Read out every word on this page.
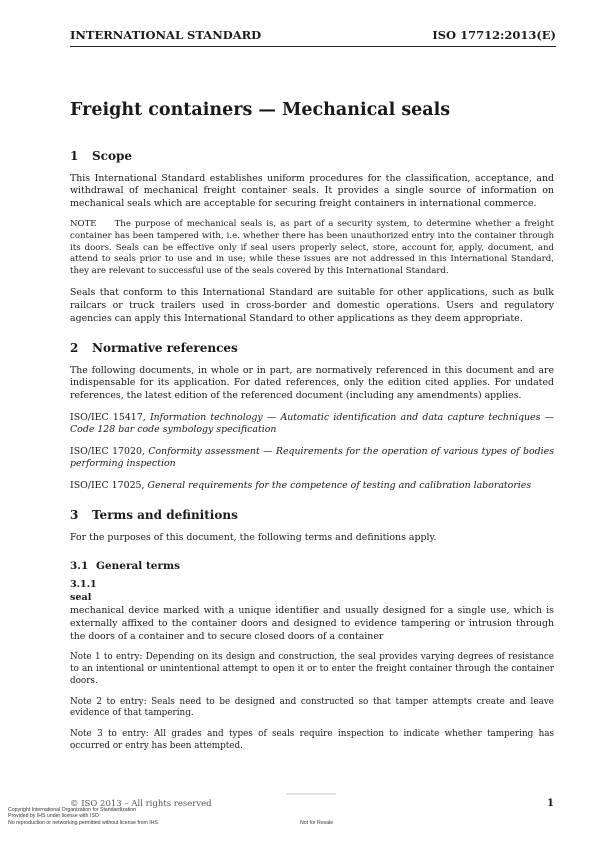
INTERNATIONAL STANDARD	ISO 17712:2013(E)
Freight containers — Mechanical seals
1	Scope

This International Standard establishes uniform procedures for the classification, acceptance, and withdrawal of mechanical freight container seals. It provides a single source of information on mechanical seals which are acceptable for securing freight containers in international commerce.

NOTE The purpose of mechanical seals is, as part of a security system, to determine whether a freight container has been tampered with, i.e. whether there has been unauthorized entry into the container through its doors. Seals can be effective only if seal users properly select, store, account for, apply, document, and attend to seals prior to use and in use; while these issues are not addressed in this International Standard, they are relevant to successful use of the seals covered by this International Standard.

Seals that conform to this International Standard are suitable for other applications, such as bulk railcars or truck trailers used in cross-border and domestic operations. Users and regulatory agencies can apply this International Standard to other applications as they deem appropriate.

2	Normative references

The following documents, in whole or in part, are normatively referenced in this document and are indispensable for its application. For dated references, only the edition cited applies. For undated references, the latest edition of the referenced document (including any amendments) applies.

ISO/IEC 15417, Information technology — Automatic identification and data capture techniques — Code 128 bar code symbology specification

ISO/IEC 17020, Conformity assessment — Requirements for the operation of various types of bodies performing inspection

ISO/IEC 17025, General requirements for the competence of testing and calibration laboratories

3	Terms and definitions

For the purposes of this document, the following terms and definitions apply.

3.1 General terms
3.1.1
seal

mechanical device marked with a unique identifier and usually designed for a single use, which is externally affixed to the container doors and designed to evidence tampering or intrusion through the doors of a container and to secure closed doors of a container

Note 1 to entry: Depending on its design and construction, the seal provides varying degrees of resistance to an intentional or unintentional attempt to open it or to enter the freight container through the container doors.

Note 2 to entry: Seals need to be designed and constructed so that tamper attempts create and leave evidence of that tampering.

Note 3 to entry: All grades and types of seals require inspection to indicate whether tampering has occurred or entry has been attempted.

© ISO 2013 – All rights reserved	1
Copyright International Organization for Standardization
Provided by IHS under license with ISO
No reproduction or networking permitted without license from IHS	Not for Resale
